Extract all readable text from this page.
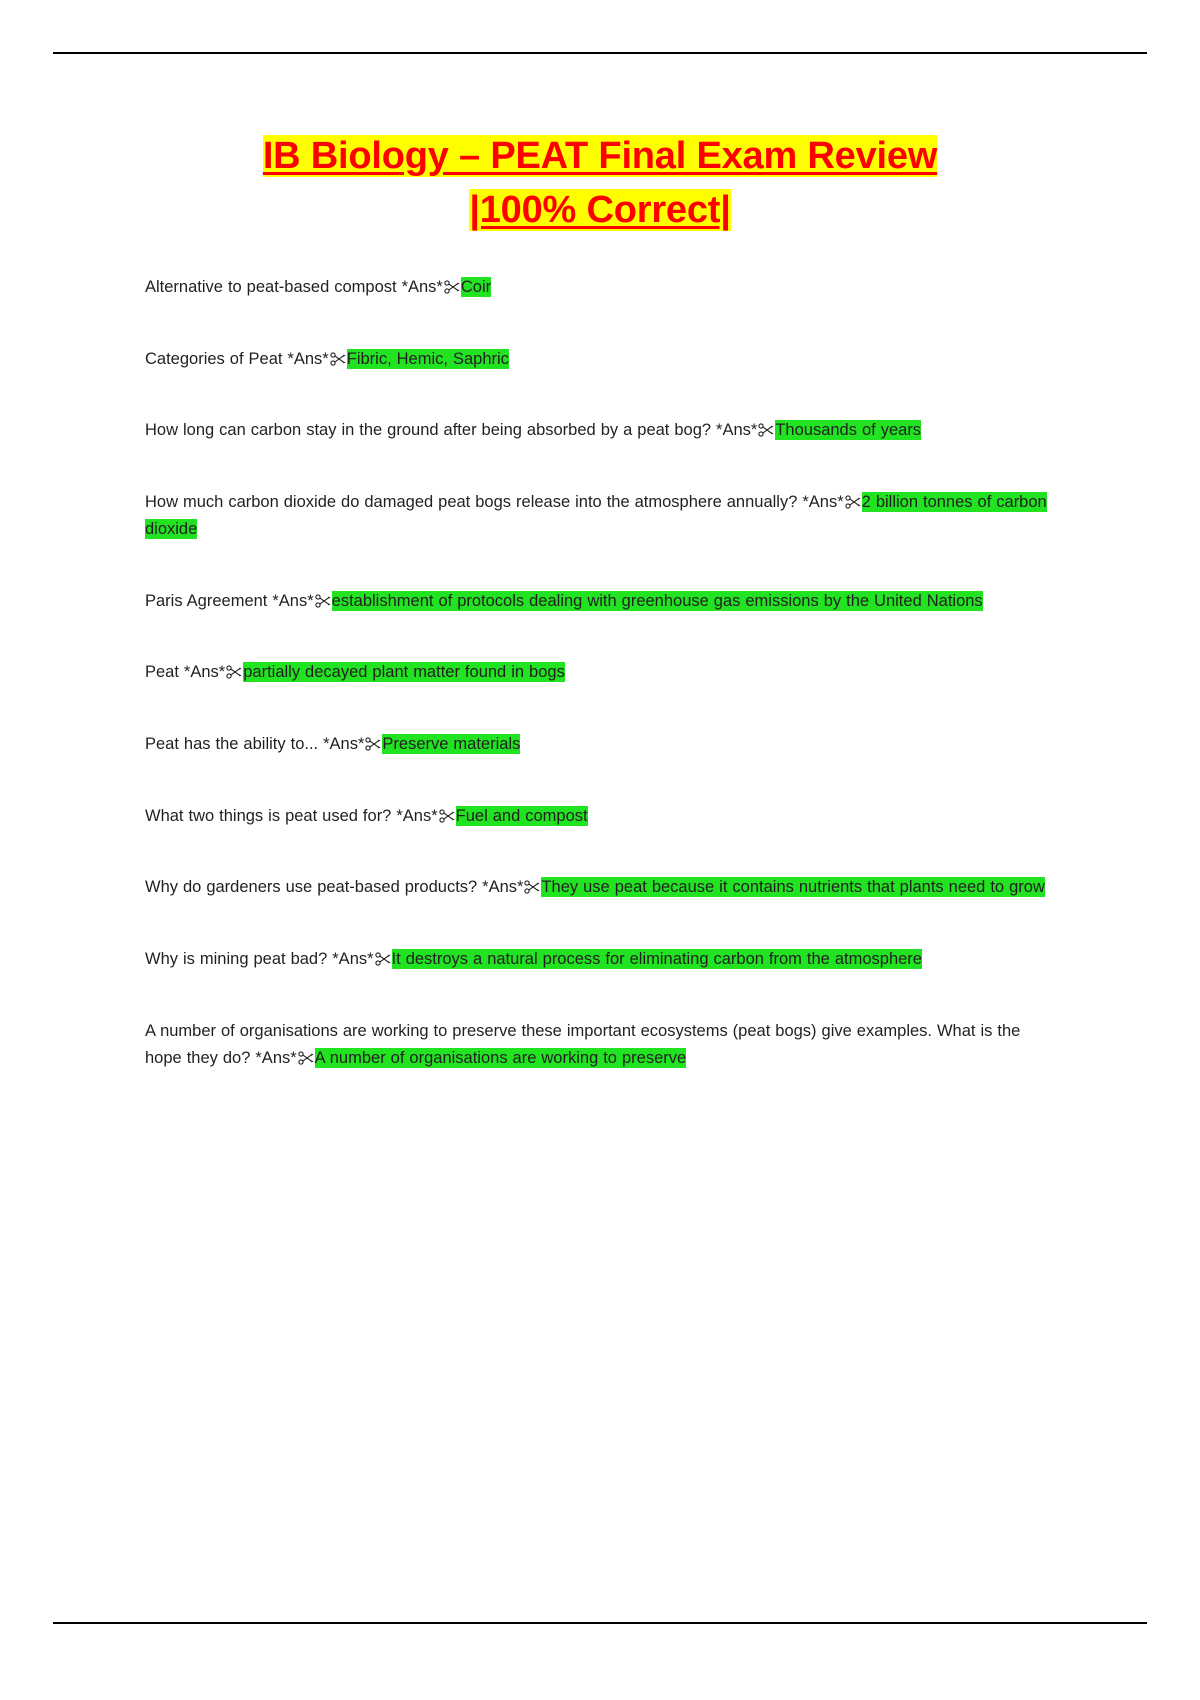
IB Biology – PEAT Final Exam Review
|100% Correct|
Alternative to peat-based compost *Ans* Coir
Categories of Peat *Ans* Fibric, Hemic, Saphric
How long can carbon stay in the ground after being absorbed by a peat bog? *Ans* Thousands of years
How much carbon dioxide do damaged peat bogs release into the atmosphere annually? *Ans* 2 billion tonnes of carbon dioxide
Paris Agreement *Ans* establishment of protocols dealing with greenhouse gas emissions by the United Nations
Peat *Ans* partially decayed plant matter found in bogs
Peat has the ability to... *Ans* Preserve materials
What two things is peat used for? *Ans* Fuel and compost
Why do gardeners use peat-based products? *Ans* They use peat because it contains nutrients that plants need to grow
Why is mining peat bad? *Ans* It destroys a natural process for eliminating carbon from the atmosphere
A number of organisations are working to preserve these important ecosystems (peat bogs) give examples. What is the hope they do? *Ans* A number of organisations are working to preserve
